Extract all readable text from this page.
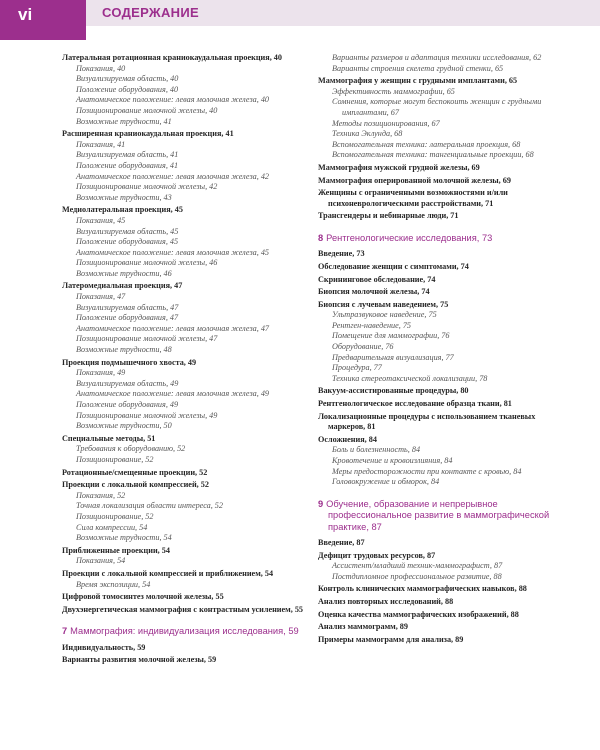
vi	СОДЕРЖАНИЕ
Латеральная ротационная краниокаудальная проекция, 40
Показания, 40
Визуализируемая область, 40
Положение оборудования, 40
Анатомическое положение: левая молочная железа, 40
Позиционирование молочной железы, 40
Возможные трудности, 41
Расширенная краниокаудальная проекция, 41
Показания, 41
Визуализируемая область, 41
Положение оборудования, 41
Анатомическое положение: левая молочная железа, 42
Позиционирование молочной железы, 42
Возможные трудности, 43
Медиолатеральная проекция, 45
Показания, 45
Визуализируемая область, 45
Положение оборудования, 45
Анатомическое положение: левая молочная железа, 45
Позиционирование молочной железы, 46
Возможные трудности, 46
Латеромедиальная проекция, 47
Показания, 47
Визуализируемая область, 47
Положение оборудования, 47
Анатомическое положение: левая молочная железа, 47
Позиционирование молочной железы, 47
Возможные трудности, 48
Проекция подмышечного хвоста, 49
Показания, 49
Визуализируемая область, 49
Анатомическое положение: левая молочная железа, 49
Положение оборудования, 49
Позиционирование молочной железы, 49
Возможные трудности, 50
Специальные методы, 51
Требования к оборудованию, 52
Позиционирование, 52
Ротационные/смещенные проекции, 52
Проекции с локальной компрессией, 52
Показания, 52
Точная локализация области интереса, 52
Позиционирование, 52
Сила компрессии, 54
Возможные трудности, 54
Приближенные проекции, 54
Показания, 54
Проекции с локальной компрессией и приближением, 54
Время экспозиции, 54
Цифровой томосинтез молочной железы, 55
Двухэнергетическая маммография с контрастным усилением, 55
7 Маммография: индивидуализация исследования, 59
Индивидуальность, 59
Варианты развития молочной железы, 59
Варианты размеров и адаптация техники исследования, 62
Варианты строения скелета грудной стенки, 65
Маммография у женщин с грудными имплантами, 65
Эффективность маммографии, 65
Сомнения, которые могут беспокоить женщин с грудными имплантами, 67
Методы позиционирования, 67
Техника Эклунда, 68
Вспомогательная техника: латеральная проекция, 68
Вспомогательная техника: тангенциальные проекции, 68
Маммография мужской грудной железы, 69
Маммография оперированной молочной железы, 69
Женщины с ограниченными возможностями и/или психоневрологическими расстройствами, 71
Трансгендеры и небинарные люди, 71
8 Рентгенологические исследования, 73
Введение, 73
Обследование женщин с симптомами, 74
Скрининговое обследование, 74
Биопсия молочной железы, 74
Биопсия с лучевым наведением, 75
Ультразвуковое наведение, 75
Рентген-наведение, 75
Помещение для маммографии, 76
Оборудование, 76
Предварительная визуализация, 77
Процедура, 77
Техника стереотаксической локализации, 78
Вакуум-ассистированные процедуры, 80
Рентгенологическое исследование образца ткани, 81
Локализационные процедуры с использованием тканевых маркеров, 81
Осложнения, 84
Боль и болезненность, 84
Кровотечение и кровоизлияния, 84
Меры предосторожности при контакте с кровью, 84
Головокружение и обморок, 84
9 Обучение, образование и непрерывное профессиональное развитие в маммографической практике, 87
Введение, 87
Дефицит трудовых ресурсов, 87
Ассистент/младший техник-маммографист, 87
Постдипломное профессиональное развитие, 88
Контроль клинических маммографических навыков, 88
Анализ повторных исследований, 88
Оценка качества маммографических изображений, 88
Анализ маммограмм, 89
Примеры маммограмм для анализа, 89
